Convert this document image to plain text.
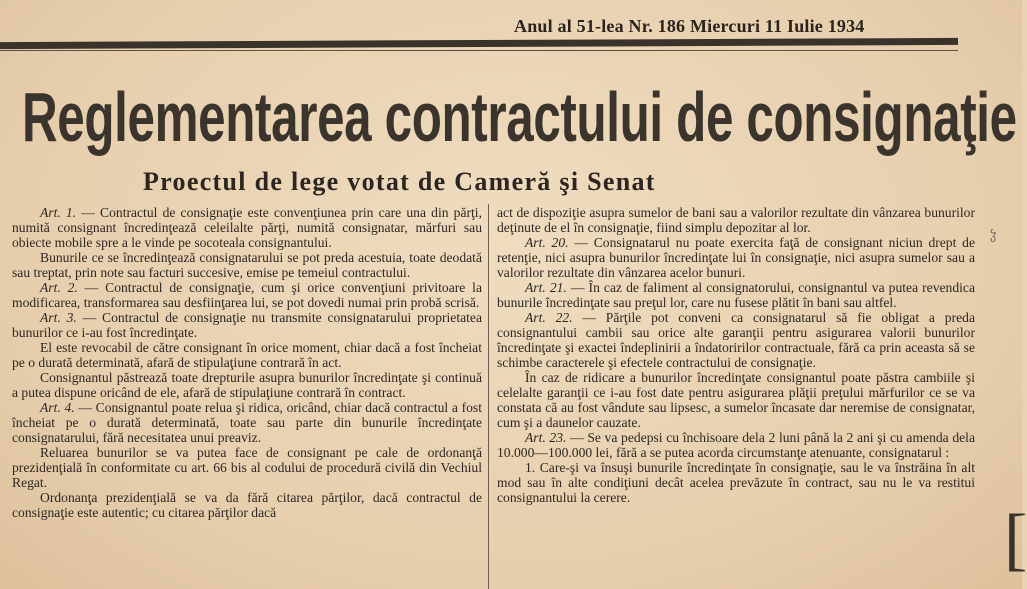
Anul al 51-lea Nr. 186 Miercuri 11 Iulie 1934
Reglementarea contractului de consignaţie
Proectul de lege votat de Cameră şi Senat

Art. 1. — Contractul de consignaţie este convenţiunea prin care una din părţi, numită consignant încredinţează celeilalte părţi, numită consignatar, mărfuri sau obiecte mobile spre a le vinde pe socoteala consignantului.

Bunurile ce se încredinţează consignatarului se pot preda acestuia, toate deodată sau treptat, prin note sau facturi succesive, emise pe temeiul contractului.

Art. 2. — Contractul de consignaţie, cum şi orice convenţiuni privitoare la modificarea, transformarea sau desfiinţarea lui, se pot dovedi numai prin probă scrisă.

Art. 3. — Contractul de consignaţie nu transmite consignatarului proprietatea bunurilor ce i-au fost încredinţate.

El este revocabil de către consignant în orice moment, chiar dacă a fost încheiat pe o durată determinată, afară de stipulaţiune contrară în act.

Consignantul păstrează toate drepturile asupra bunurilor încredinţate şi continuă a putea dispune oricând de ele, afară de stipulaţiune contrară în contract.

Art. 4. — Consignantul poate relua şi ridica, oricând, chiar dacă contractul a fost încheiat pe o durată determinată, toate sau parte din bunurile încredinţate consignatarului, fără necesitatea unui preaviz.

Reluarea bunurilor se va putea face de consignant pe cale de ordonanţă prezidenţială în conformitate cu art. 66 bis al codului de procedură civilă din Vechiul Regat.

Ordonanţa prezidenţială se va da fără citarea părţilor, dacă contractul de consignaţie este autentic; cu citarea părţilor dacă

act de dispoziţie asupra sumelor de bani sau a valorilor rezultate din vânzarea bunurilor deţinute de el în consignaţie, fiind simplu depozitar al lor.

Art. 20. — Consignatarul nu poate exercita faţă de consignant niciun drept de retenţie, nici asupra bunurilor încredinţate lui în consignaţie, nici asupra sumelor sau a valorilor rezultate din vânzarea acelor bunuri.

Art. 21. — În caz de faliment al consignatorului, consignantul va putea revendica bunurile încredinţate sau preţul lor, care nu fusese plătit în bani sau altfel.

Art. 22. — Părţile pot conveni ca consignatarul să fie obligat a preda consignantului cambii sau orice alte garanţii pentru asigurarea valorii bunurilor încredinţate şi exactei îndeplinirii a îndatoririlor contractuale, fără ca prin aceasta să se schimbe caracterele şi efectele contractului de consignaţie.

În caz de ridicare a bunurilor încredinţate consignantul poate păstra cambiile şi celelalte garanţii ce i-au fost date pentru asigurarea plăţii preţului mărfurilor ce se va constata că au fost vândute sau lipsesc, a sumelor încasate dar neremise de consignatar, cum şi a daunelor cauzate.

Art. 23. — Se va pedepsi cu închisoare dela 2 luni până la 2 ani şi cu amenda dela 10.000—100.000 lei, fără a se putea acorda circumstanţe atenuante, consignatarul :

1. Care-şi va însuşi bunurile încredinţate în consignaţie, sau le va înstrăina în alt mod sau în alte condiţiuni decât acelea prevăzute în contract, sau nu le va restitui consignantului la cerere.

ჴ
[
